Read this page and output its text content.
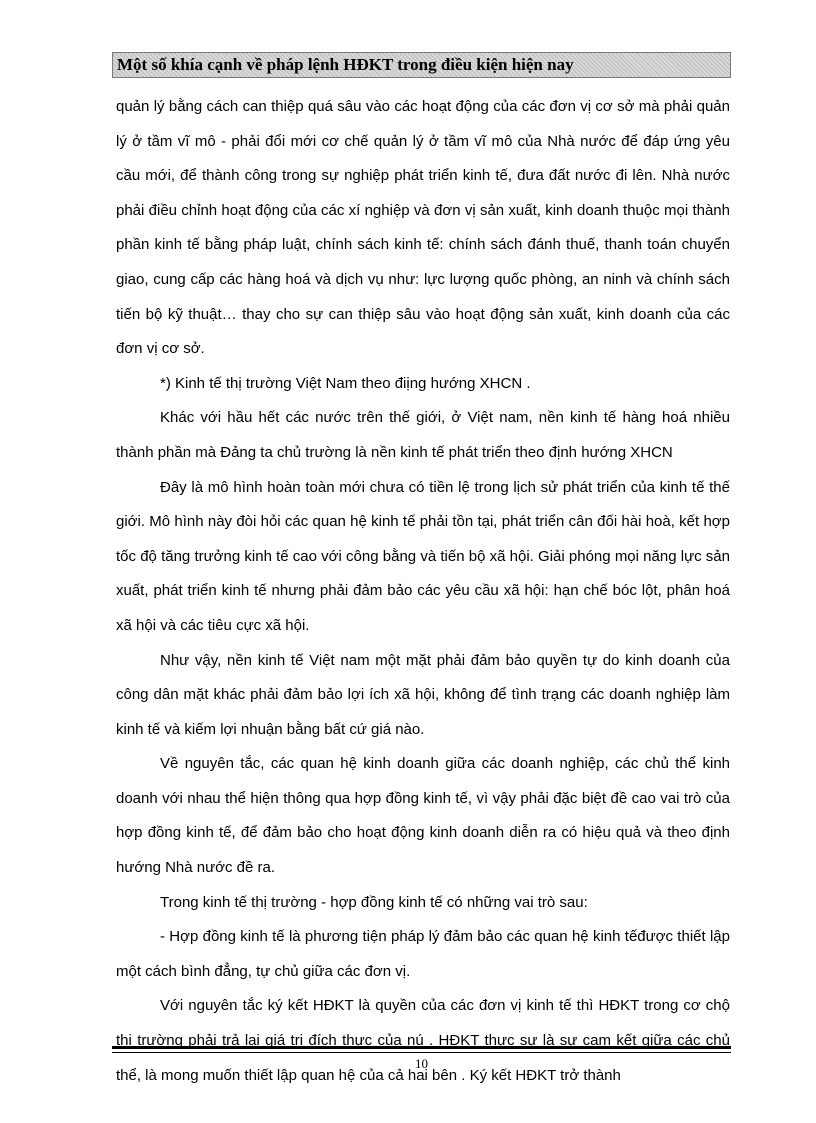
Một số khía cạnh về pháp lệnh HĐKT trong điều kiện hiện nay

quản lý bằng cách can thiệp quá sâu vào các hoạt động của các đơn vị cơ sở mà phải quản lý ở tầm vĩ mô - phải đổi mới cơ chế quản lý ở tầm vĩ mô của Nhà nước để đáp ứng yêu cầu mới, để thành công trong sự nghiệp phát triển kinh tế, đưa đất nước đi lên. Nhà nước phải điều chỉnh hoạt động của các xí nghiệp và đơn vị sản xuất, kinh doanh thuộc mọi thành phần kinh tế bằng pháp luật, chính sách kinh tế: chính sách đánh thuế, thanh toán chuyển giao, cung cấp các hàng hoá và dịch vụ như: lực lượng quốc phòng, an ninh và chính sách tiến bộ kỹ thuật… thay cho sự can thiệp sâu vào hoạt động sản xuất, kinh doanh của các đơn vị cơ sở.

*) Kinh tế thị trường Việt Nam theo điịng hướng XHCN .

Khác với hầu hết các nước trên thế giới, ở Việt nam, nền kinh tế hàng hoá nhiều thành phần mà Đảng ta chủ trường là nền kinh tế phát triển theo định hướng XHCN

Đây là mô hình hoàn toàn mới chưa có tiền lệ trong lịch sử phát triển của kinh tế thế giới. Mô hình này đòi hỏi các quan hệ kinh tế phải tồn tại, phát triển cân đối hài hoà, kết hợp tốc độ tăng trưởng kinh tế cao với công bằng và tiến bộ xã hội. Giải phóng mọi năng lực sản xuất, phát triển kinh tế nhưng phải đảm bảo các yêu cầu xã hội: hạn chế bóc lột, phân hoá xã hội và các tiêu cực xã hội.

Như vậy, nền kinh tế Việt nam một mặt phải đảm bảo quyền tự do kinh doanh của công dân mặt khác phải đảm bảo lợi ích xã hội, không để tình trạng các doanh nghiệp làm kinh tế và kiếm lợi nhuận bằng bất cứ giá nào.

Về nguyên tắc, các quan hệ kinh doanh giữa các doanh nghiệp, các chủ thể kinh doanh với nhau thể hiện thông qua hợp đồng kinh tế, vì vậy phải đặc biệt đề cao vai trò của hợp đồng kinh tế, để đảm bảo cho hoạt động kinh doanh diễn ra có hiệu quả và theo định hướng Nhà nước đề ra.

Trong kinh tế thị trường - hợp đồng kinh tế có những vai trò sau:

- Hợp đồng kinh tế là phương tiện pháp lý đảm bảo các quan hệ kinh tếđược thiết lập một cách bình đẳng, tự chủ giữa các đơn vị.

Với nguyên tắc ký kết HĐKT là quyền của các đơn vị kinh tế thì HĐKT trong cơ chộ thị trường phải trả lại giá trị đích thực của nú . HĐKT thực sự là sự cam kết giữa các chủ thể, là mong muốn thiết lập quan hệ của cả hai bên . Ký kết HĐKT trở thành

10
